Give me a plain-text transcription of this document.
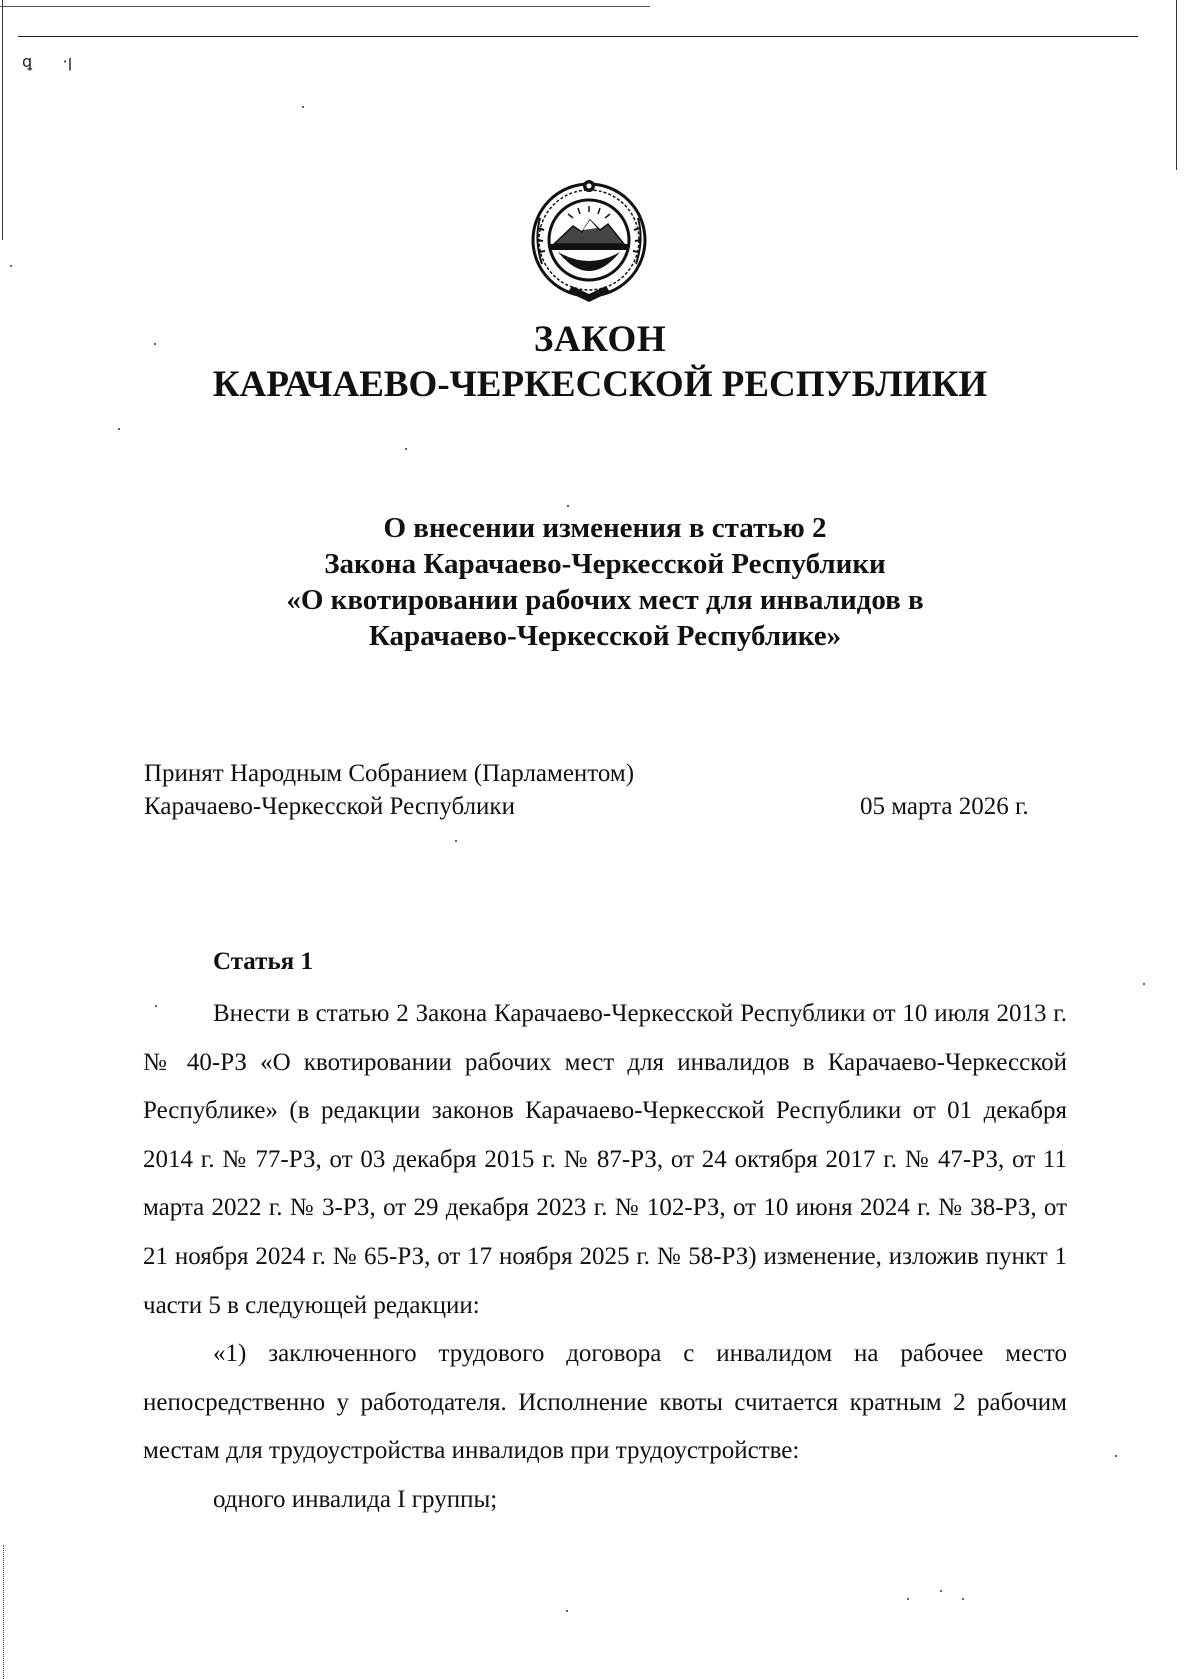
ꝗ      ·ꞁ
ЗАКОН
КАРАЧАЕВО-ЧЕРКЕССКОЙ РЕСПУБЛИКИ
О внесении изменения в статью 2
Закона Карачаево-Черкесской Республики
«О квотировании рабочих мест для инвалидов в
Карачаево-Черкесской Республике»
Принят Народным Собранием (Парламентом)
Карачаево-Черкесской Республики	05 марта 2026 г.
Статья 1

Внести в статью 2 Закона Карачаево-Черкесской Республики от 10 июля 2013 г. № 40-РЗ «О квотировании рабочих мест для инвалидов в Карачаево-Черкесской Республике» (в редакции законов Карачаево-Черкесской Республики от 01 декабря 2014 г. № 77-РЗ, от 03 декабря 2015 г. № 87-РЗ, от 24 октября 2017 г. № 47-РЗ, от 11 марта 2022 г. № 3-РЗ, от 29 декабря 2023 г. № 102-РЗ, от 10 июня 2024 г. № 38-РЗ, от 21 ноября 2024 г. № 65-РЗ, от 17 ноября 2025 г. № 58-РЗ) изменение, изложив пункт 1 части 5 в следующей редакции:

«1) заключенного трудового договора с инвалидом на рабочее место непосредственно у работодателя. Исполнение квоты считается кратным 2 рабочим местам для трудоустройства инвалидов при трудоустройстве:

одного инвалида I группы;
